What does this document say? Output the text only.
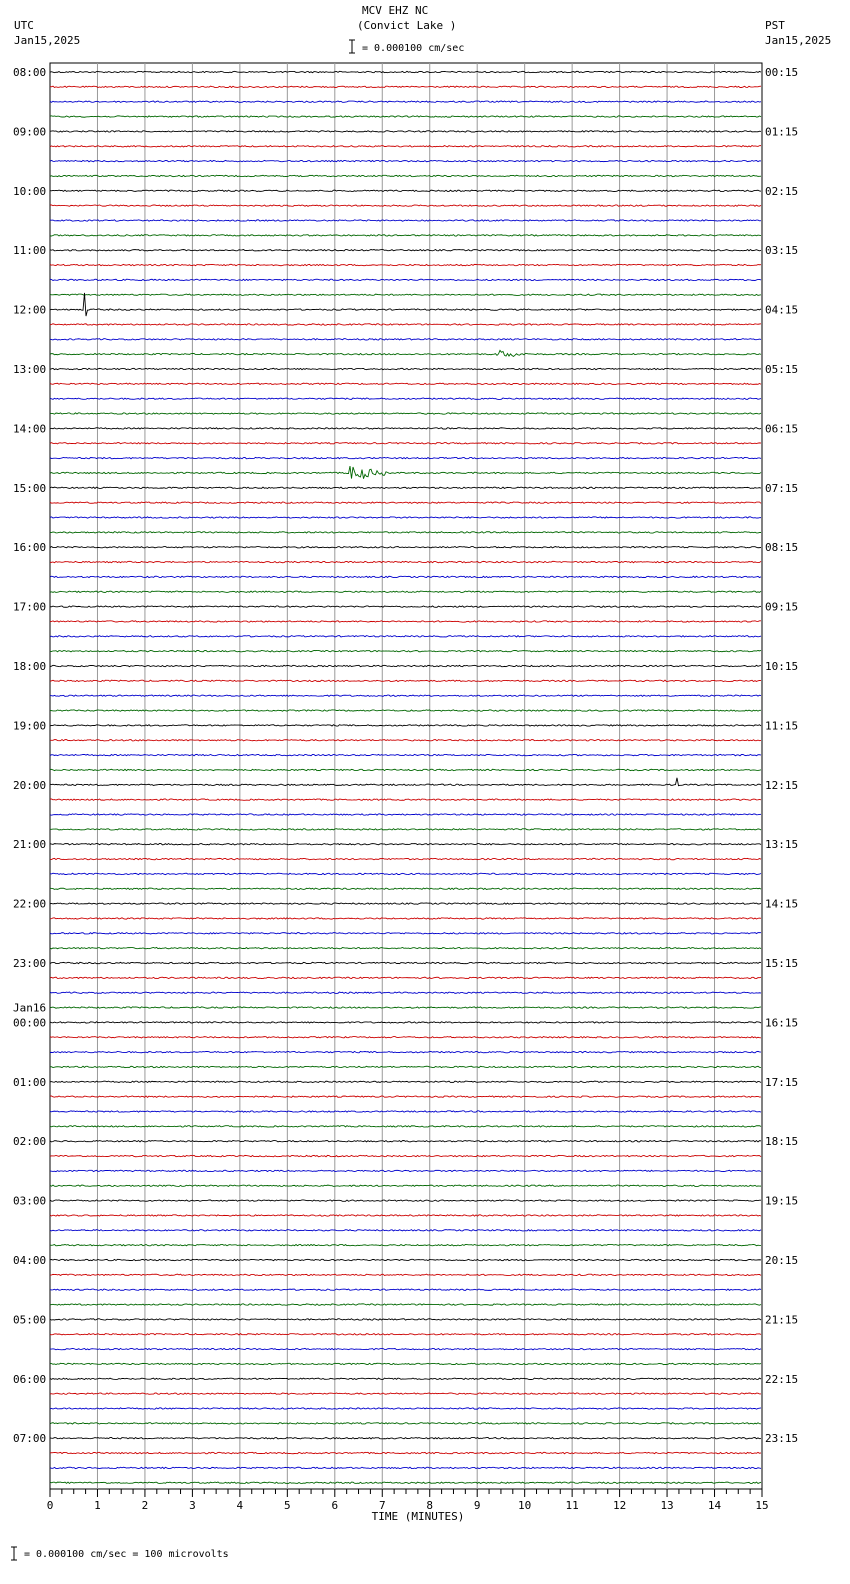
MCV EHZ NC
(Convict Lake )
= 0.000100 cm/sec
UTC
Jan15,2025
PST
Jan15,2025
= 0.000100 cm/sec = 100 microvolts
08:00
09:00
10:00
11:00
12:00
13:00
14:00
15:00
16:00
17:00
18:00
19:00
20:00
21:00
22:00
23:00
00:00
01:00
02:00
03:00
04:00
05:00
06:00
07:00
00:15
01:15
02:15
03:15
04:15
05:15
06:15
07:15
08:15
09:15
10:15
11:15
12:15
13:15
14:15
15:15
16:15
17:15
18:15
19:15
20:15
21:15
22:15
23:15
Jan16
0	1	2	3	4	5	6	7	8	9	10	11	12	13	14	15
TIME (MINUTES)
